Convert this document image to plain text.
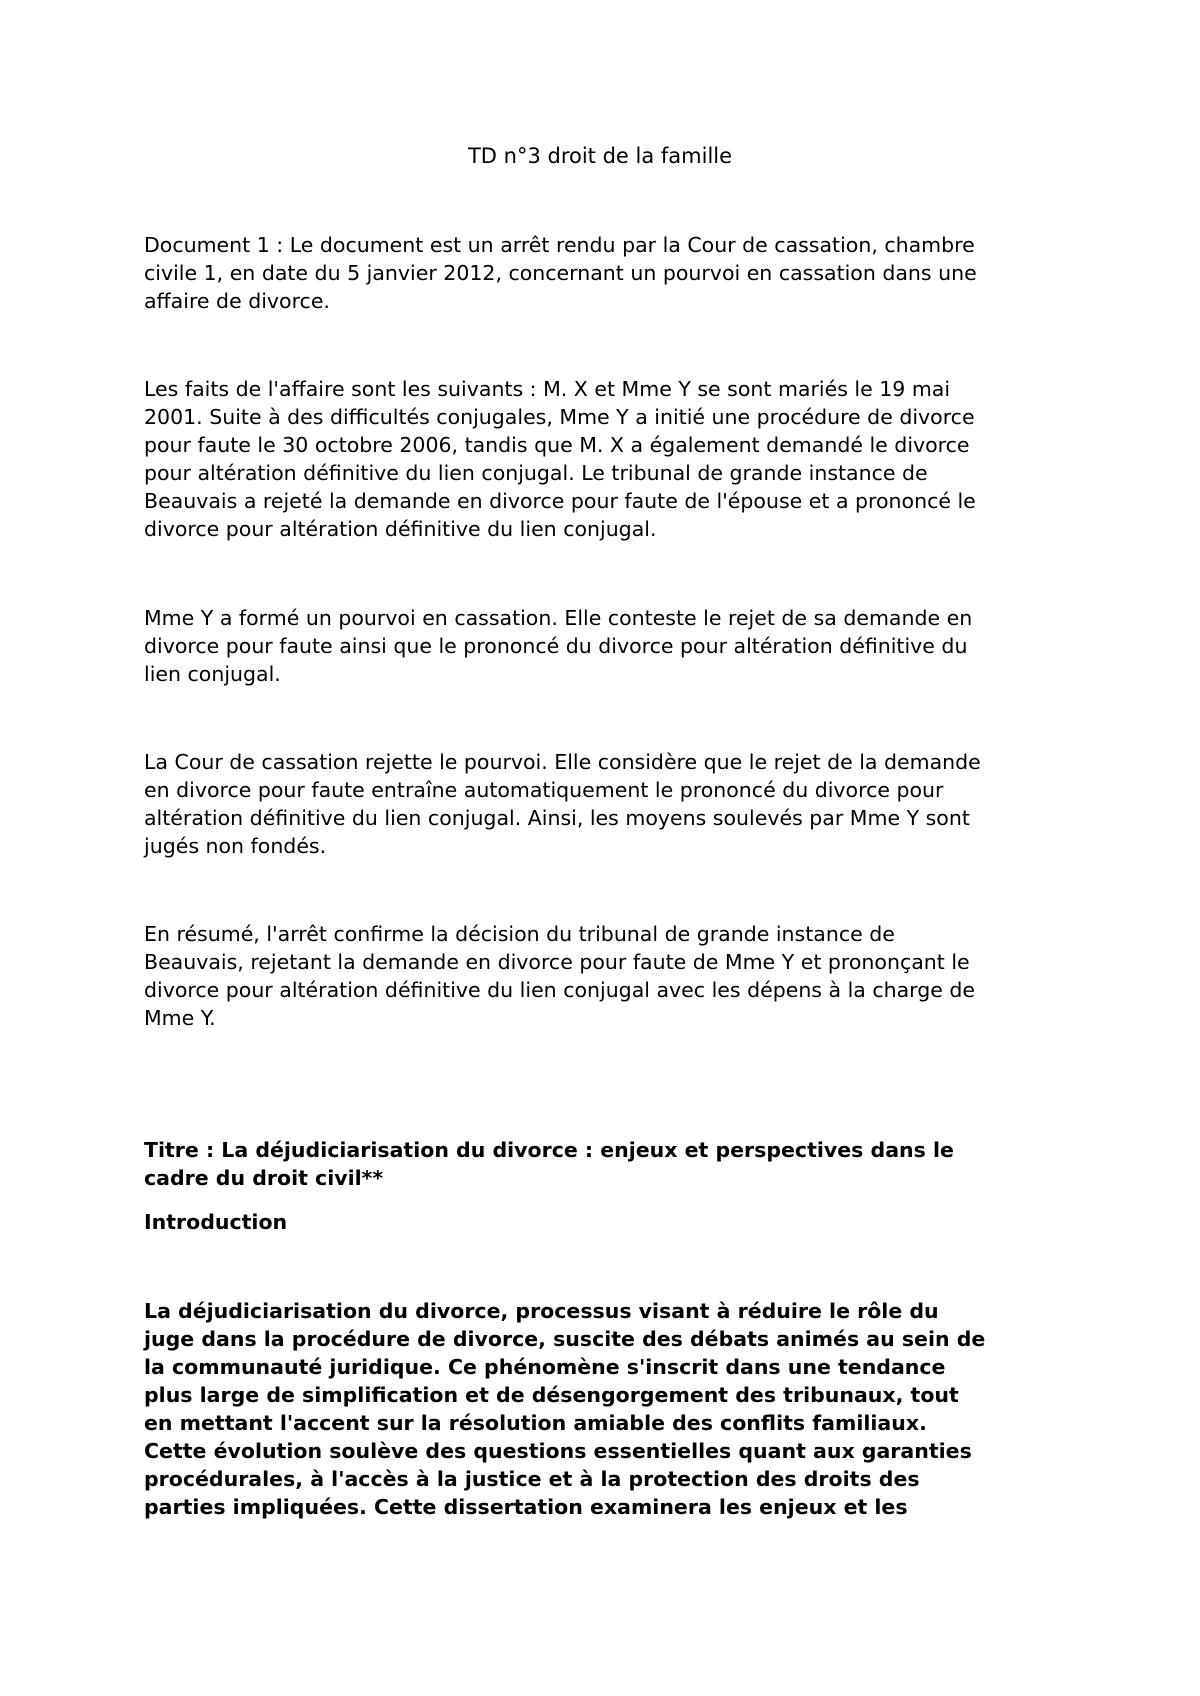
TD n°3 droit de la famille

Document 1 : Le document est un arrêt rendu par la Cour de cassation, chambre
civile 1, en date du 5 janvier 2012, concernant un pourvoi en cassation dans une
affaire de divorce.

Les faits de l'affaire sont les suivants : M. X et Mme Y se sont mariés le 19 mai
2001. Suite à des difficultés conjugales, Mme Y a initié une procédure de divorce
pour faute le 30 octobre 2006, tandis que M. X a également demandé le divorce
pour altération définitive du lien conjugal. Le tribunal de grande instance de
Beauvais a rejeté la demande en divorce pour faute de l'épouse et a prononcé le
divorce pour altération définitive du lien conjugal.

Mme Y a formé un pourvoi en cassation. Elle conteste le rejet de sa demande en
divorce pour faute ainsi que le prononcé du divorce pour altération définitive du
lien conjugal.

La Cour de cassation rejette le pourvoi. Elle considère que le rejet de la demande
en divorce pour faute entraîne automatiquement le prononcé du divorce pour
altération définitive du lien conjugal. Ainsi, les moyens soulevés par Mme Y sont
jugés non fondés.

En résumé, l'arrêt confirme la décision du tribunal de grande instance de
Beauvais, rejetant la demande en divorce pour faute de Mme Y et prononçant le
divorce pour altération définitive du lien conjugal avec les dépens à la charge de
Mme Y.

Titre : La déjudiciarisation du divorce : enjeux et perspectives dans le
cadre du droit civil**

Introduction

La déjudiciarisation du divorce, processus visant à réduire le rôle du
juge dans la procédure de divorce, suscite des débats animés au sein de
la communauté juridique. Ce phénomène s'inscrit dans une tendance
plus large de simplification et de désengorgement des tribunaux, tout
en mettant l'accent sur la résolution amiable des conflits familiaux.
Cette évolution soulève des questions essentielles quant aux garanties
procédurales, à l'accès à la justice et à la protection des droits des
parties impliquées. Cette dissertation examinera les enjeux et les
